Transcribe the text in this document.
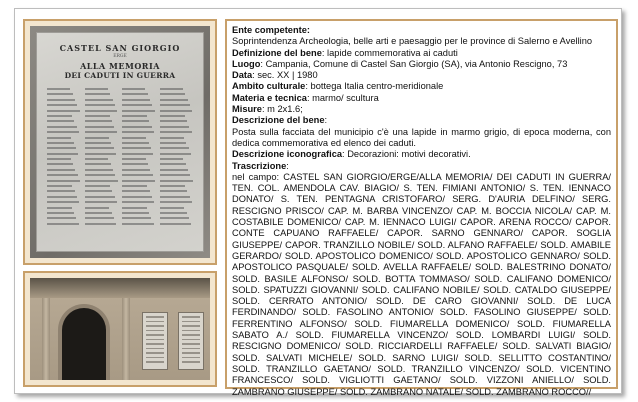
CASTEL SAN GIORGIO
ERGE
ALLA MEMORIA
DEI CADUTI IN GUERRA
Ente competente:
Soprintendenza Archeologia, belle arti e paesaggio per le province di Salerno e Avellino
Definizione del bene: lapide commemorativa ai caduti
Luogo: Campania, Comune di Castel San Giorgio (SA), via Antonio Rescigno, 73
Data: sec. XX | 1980
Ambito culturale: bottega Italia centro-meridionale
Materia e tecnica: marmo/ scultura
Misure: m 2x1.6;
Descrizione del bene:
Posta sulla facciata del municipio c'è una lapide in marmo grigio, di epoca moderna, con dedica commemorativa ed elenco dei caduti.
Descrizione iconografica: Decorazioni: motivi decorativi.
Trascrizione:
nel campo: CASTEL SAN GIORGIO/ERGE/ALLA MEMORIA/ DEI CADUTI IN GUERRA/ TEN. COL. AMENDOLA CAV. BIAGIO/ S. TEN. FIMIANI ANTONIO/ S. TEN. IENNACO DONATO/ S. TEN. PENTAGNA CRISTOFARO/ SERG. D'AURIA DELFINO/ SERG. RESCIGNO PRISCO/ CAP. M. BARBA VINCENZO/ CAP. M. BOCCIA NICOLA/ CAP. M. COSTABILE DOMENICO/ CAP. M. IENNACO LUIGI/ CAPOR. ARENA ROCCO/ CAPOR. CONTE CAPUANO RAFFAELE/ CAPOR. SARNO GENNARO/ CAPOR. SOGLIA GIUSEPPE/ CAPOR. TRANZILLO NOBILE/ SOLD. ALFANO RAFFAELE/ SOLD. AMABILE GERARDO/ SOLD. APOSTOLICO DOMENICO/ SOLD. APOSTOLICO GENNARO/ SOLD. APOSTOLICO PASQUALE/ SOLD. AVELLA RAFFAELE/ SOLD. BALESTRINO DONATO/ SOLD. BASILE ALFONSO/ SOLD. BOTTA TOMMASO/ SOLD. CALIFANO DOMENICO/ SOLD. SPATUZZI GIOVANNI/ SOLD. CALIFANO NOBILE/ SOLD. CATALDO GIUSEPPE/ SOLD. CERRATO ANTONIO/ SOLD. DE CARO GIOVANNI/ SOLD. DE LUCA FERDINANDO/ SOLD. FASOLINO ANTONIO/ SOLD. FASOLINO GIUSEPPE/ SOLD. FERRENTINO ALFONSO/ SOLD. FIUMARELLA DOMENICO/ SOLD. FIUMARELLA SABATO A./ SOLD. FIUMARELLA VINCENZO/ SOLD. LOMBARDI LUIGI/ SOLD. RESCIGNO DOMENICO/ SOLD. RICCIARDELLI RAFFAELE/ SOLD. SALVATI BIAGIO/ SOLD. SALVATI MICHELE/ SOLD. SARNO LUIGI/ SOLD. SELLITTO COSTANTINO/ SOLD. TRANZILLO GAETANO/ SOLD. TRANZILLO VINCENZO/ SOLD. VICENTINO FRANCESCO/ SOLD. VIGLIOTTI GAETANO/ SOLD. VIZZONI ANIELLO/ SOLD. ZAMBRANO GIUSEPPE/ SOLD. ZAMBRANO NATALE/ SOLD. ZAMBRANO ROCCO//
